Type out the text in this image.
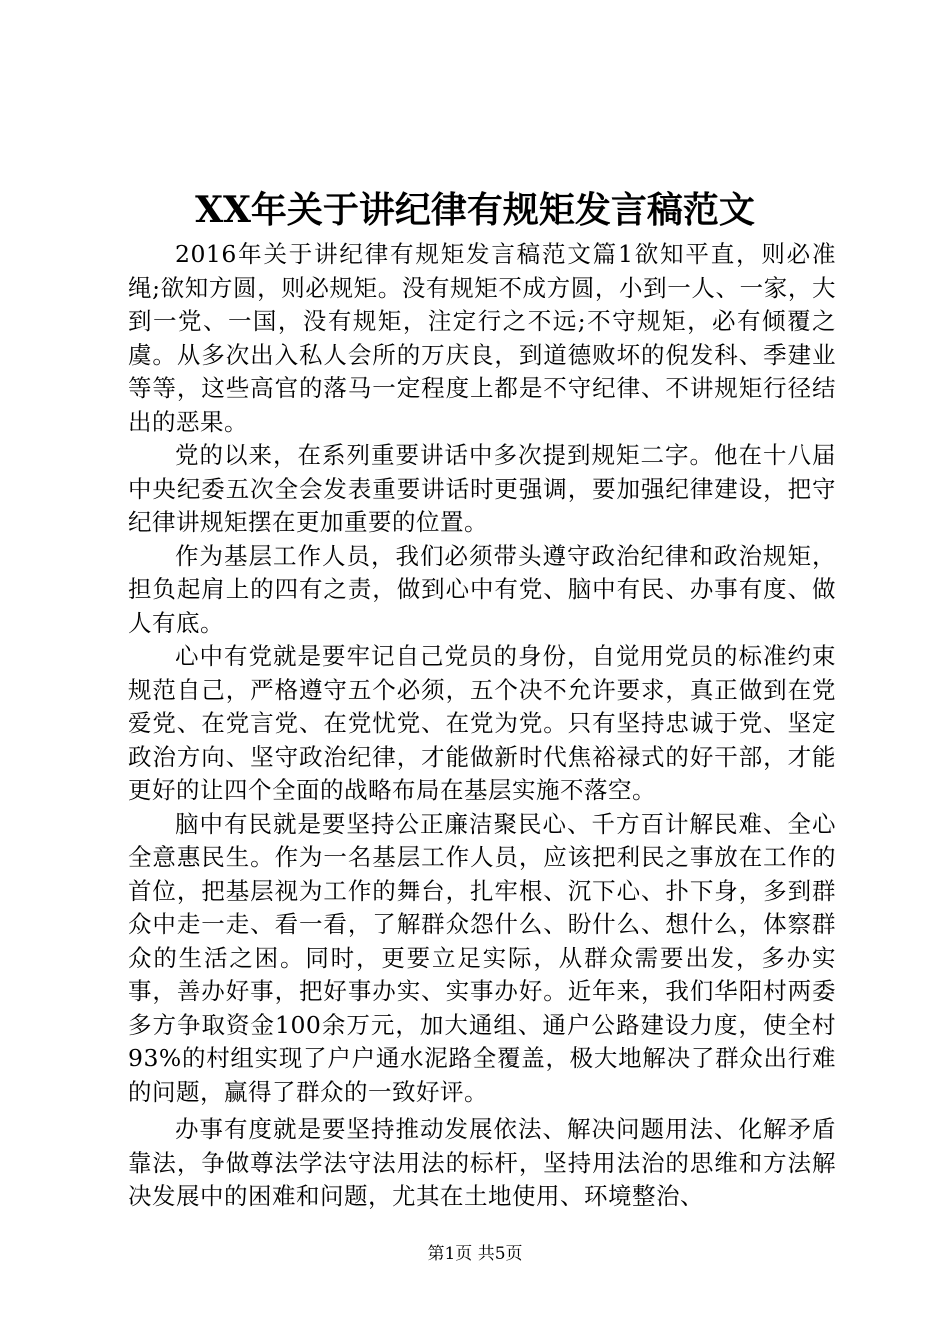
XX年关于讲纪律有规矩发言稿范文

2016年关于讲纪律有规矩发言稿范文篇1欲知平直，则必准绳;欲知方圆，则必规矩。没有规矩不成方圆，小到一人、一家，大到一党、一国，没有规矩，注定行之不远;不守规矩，必有倾覆之虞。从多次出入私人会所的万庆良，到道德败坏的倪发科、季建业等等，这些高官的落马一定程度上都是不守纪律、不讲规矩行径结出的恶果。

党的以来，在系列重要讲话中多次提到规矩二字。他在十八届中央纪委五次全会发表重要讲话时更强调，要加强纪律建设，把守纪律讲规矩摆在更加重要的位置。

作为基层工作人员，我们必须带头遵守政治纪律和政治规矩，担负起肩上的四有之责，做到心中有党、脑中有民、办事有度、做人有底。

心中有党就是要牢记自己党员的身份，自觉用党员的标准约束规范自己，严格遵守五个必须，五个决不允许要求，真正做到在党爱党、在党言党、在党忧党、在党为党。只有坚持忠诚于党、坚定政治方向、坚守政治纪律，才能做新时代焦裕禄式的好干部，才能更好的让四个全面的战略布局在基层实施不落空。

脑中有民就是要坚持公正廉洁聚民心、千方百计解民难、全心全意惠民生。作为一名基层工作人员，应该把利民之事放在工作的首位，把基层视为工作的舞台，扎牢根、沉下心、扑下身，多到群众中走一走、看一看，了解群众怨什么、盼什么、想什么，体察群众的生活之困。同时，更要立足实际，从群众需要出发，多办实事，善办好事，把好事办实、实事办好。近年来，我们华阳村两委多方争取资金100余万元，加大通组、通户公路建设力度，使全村93%的村组实现了户户通水泥路全覆盖，极大地解决了群众出行难的问题，赢得了群众的一致好评。

办事有度就是要坚持推动发展依法、解决问题用法、化解矛盾靠法，争做尊法学法守法用法的标杆，坚持用法治的思维和方法解决发展中的困难和问题，尤其在土地使用、环境整治、

第1页 共5页
